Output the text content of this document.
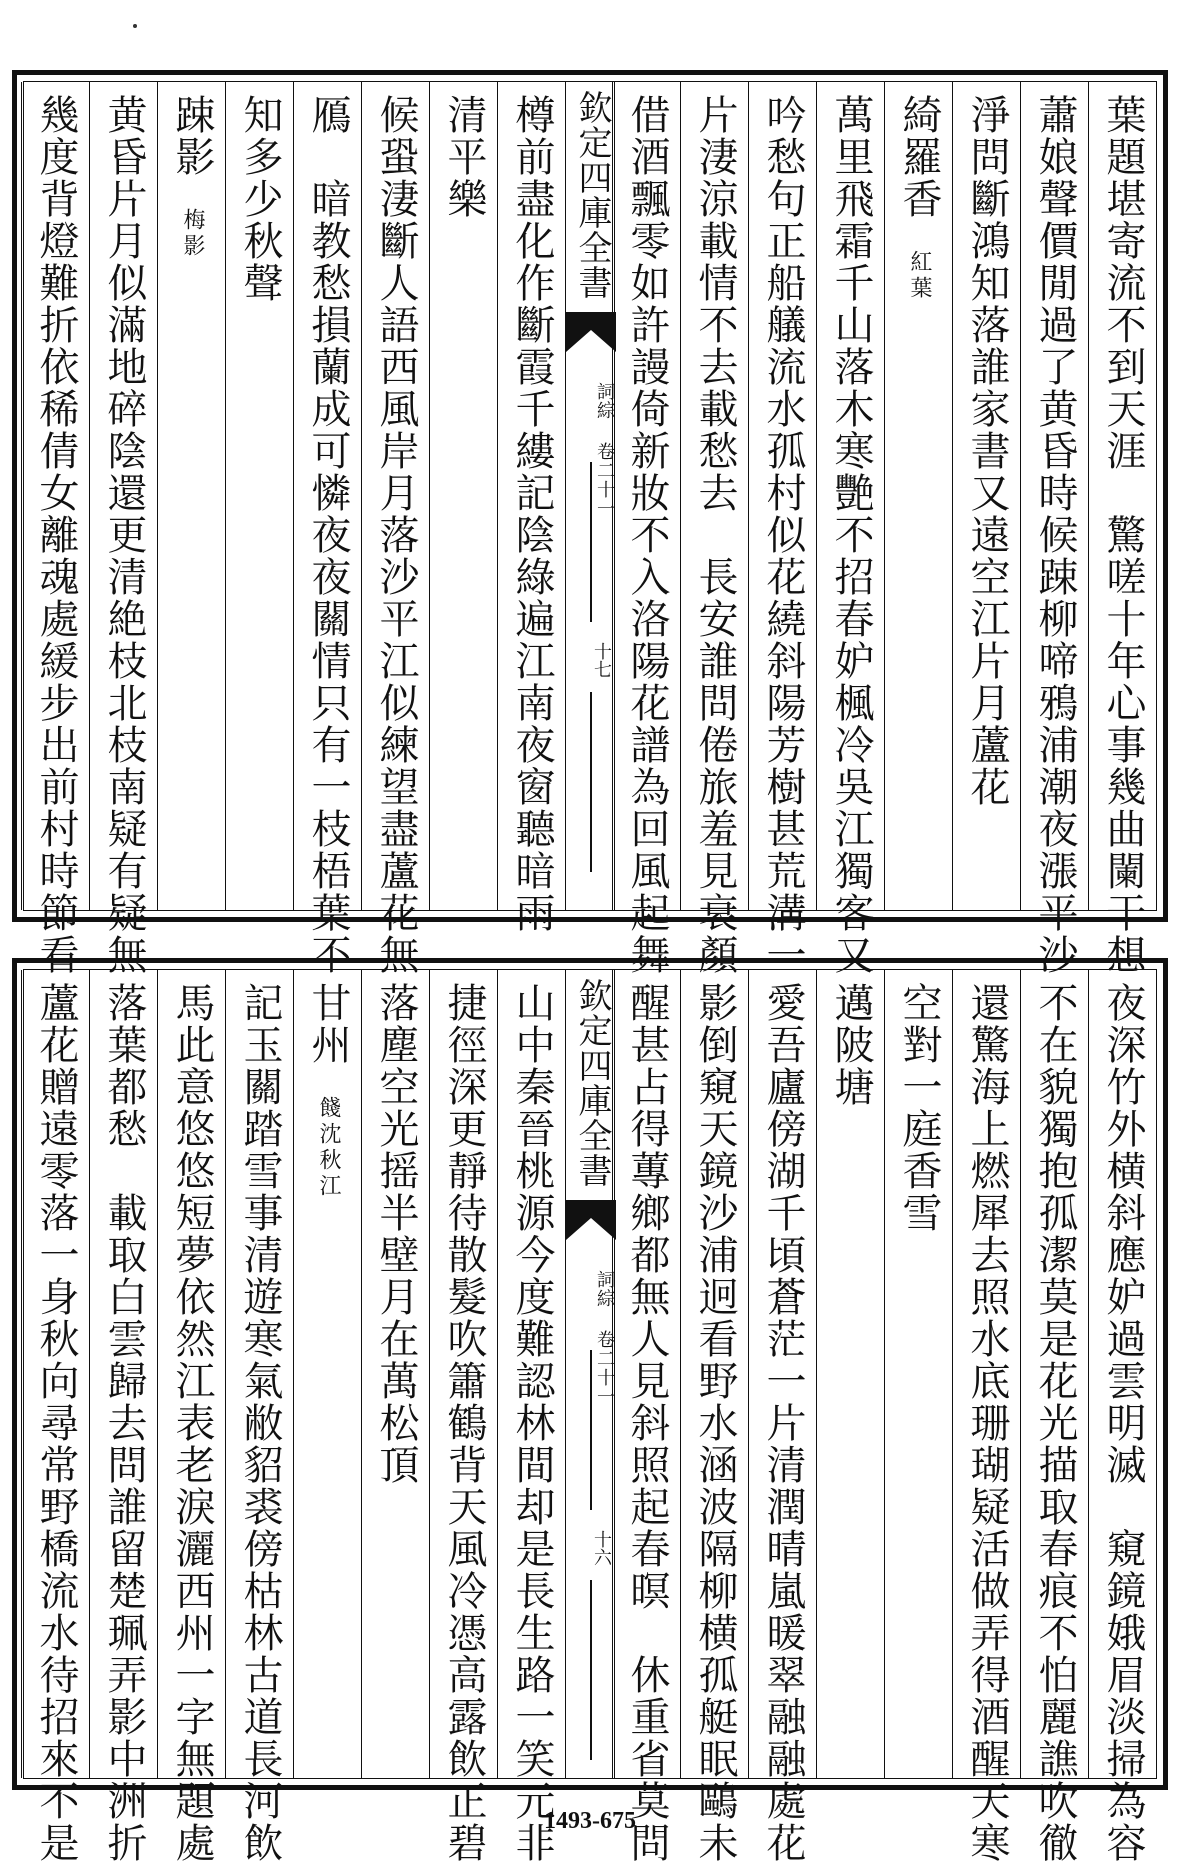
葉題堪寄流不到天涯　驚嗟十年心事幾曲闌干想
蕭娘聲價閒過了黄昏時候踈柳啼鴉浦潮夜漲平沙
淨問斷鴻知落誰家書又遠空江片月蘆花
綺羅香紅葉
萬里飛霜千山落木寒艷不招春妒楓冷吳江獨客又
吟愁句正船艤流水孤村似花繞斜陽芳樹甚荒溝一
片淒涼載情不去載愁去　長安誰問倦旅羞見衰顏
借酒飄零如許謾倚新妝不入洛陽花譜為回風起舞
欽定四庫全書
詞綜 卷二十一
十七
樽前盡化作斷霞千縷記陰綠遍江南夜窗聽暗雨
清平樂
候蛩淒斷人語西風岸月落沙平江似練望盡蘆花無
鴈　暗教愁損蘭成可憐夜夜關情只有一枝梧葉不
知多少秋聲
踈影梅影
黄昏片月似滿地碎陰還更清絶枝北枝南疑有疑無
幾度背燈難折依稀倩女離魂處緩步出前村時節看
夜深竹外横斜應妒過雲明滅　窺鏡娥眉淡掃為容
不在貌獨抱孤潔莫是花光描取春痕不怕麗譙吹徹
還驚海上燃犀去照水底珊瑚疑活做弄得酒醒天寒
空對一庭香雪
邁陂塘
愛吾廬傍湖千頃蒼茫一片清潤晴嵐暖翠融融處花
影倒窺天鏡沙浦迥看野水涵波隔柳横孤艇眠鷗未
醒甚占得蓴鄉都無人見斜照起春暝　休重省莫問
欽定四庫全書
詞綜 卷二十一
十六
山中秦晉桃源今度難認林間却是長生路一笑元非
捷徑深更靜待散髮吹簫鶴背天風冷憑高露飲正碧
落塵空光摇半壁月在萬松頂
甘州餞沈秋江
記玉關踏雪事清遊寒氣敝貂裘傍枯林古道長河飲
馬此意悠悠短夢依然江表老淚灑西州一字無題處
落葉都愁　載取白雲歸去問誰留楚珮弄影中洲折
蘆花贈遠零落一身秋向尋常野橋流水待招來不是	1493-675
